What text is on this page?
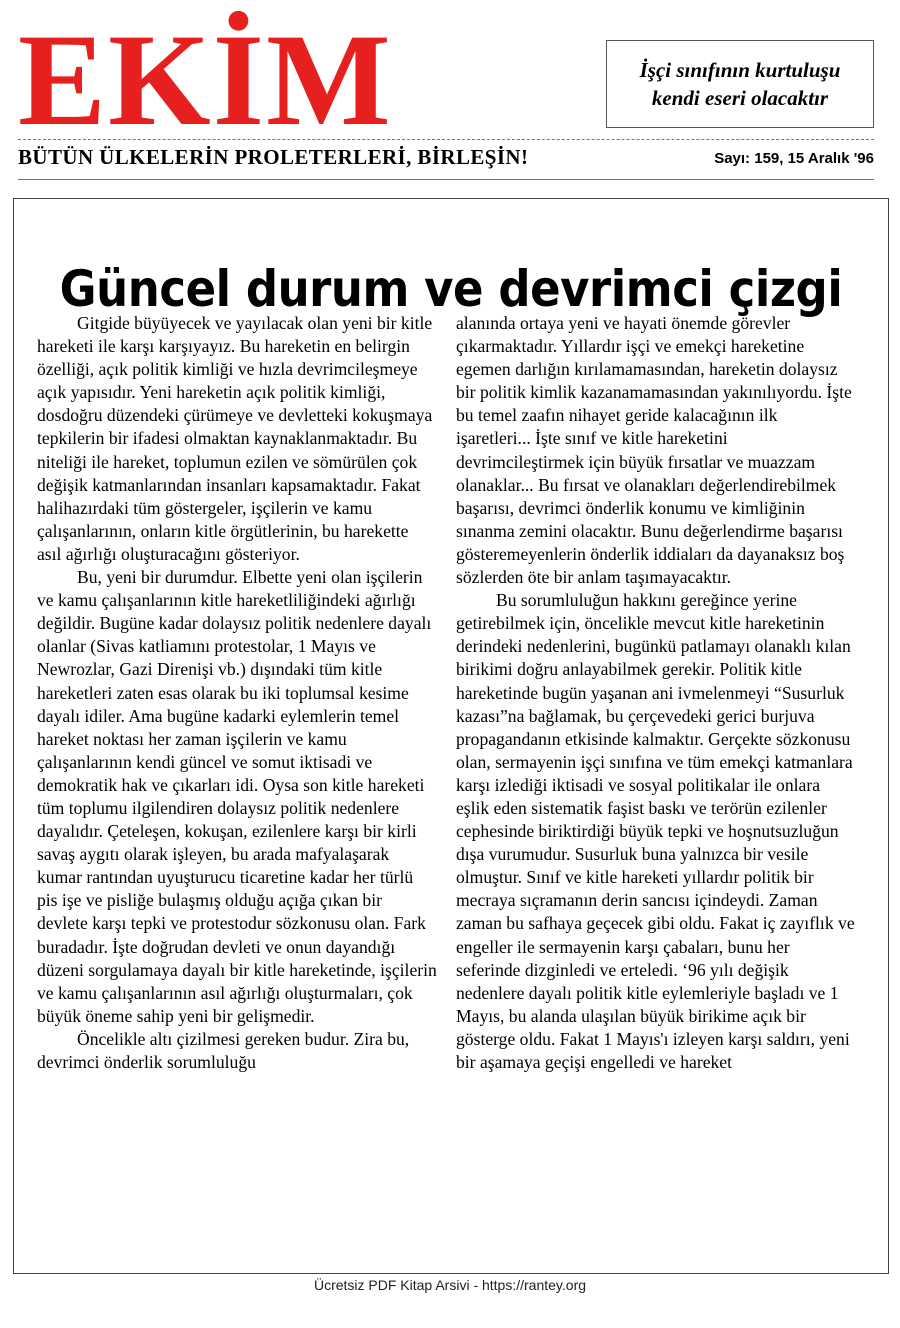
EKİM	İşçi sınıfının kurtuluşu
kendi eseri olacaktır
BÜTÜN ÜLKELERİN PROLETERLERİ, BİRLEŞİN!	Sayı: 159, 15 Aralık '96
Güncel durum ve devrimci çizgi

Gitgide büyüyecek ve yayılacak olan yeni bir kitle hareketi ile karşı karşıyayız. Bu hareketin en belirgin özelliği, açık politik kimliği ve hızla devrimcileşmeye açık yapısıdır. Yeni hareketin açık politik kimliği, dosdoğru düzendeki çürümeye ve devletteki kokuşmaya tepkilerin bir ifadesi olmaktan kaynaklanmaktadır. Bu niteliği ile hareket, toplumun ezilen ve sömürülen çok değişik katmanlarından insanları kapsamaktadır. Fakat halihazırdaki tüm göstergeler, işçilerin ve kamu çalışanlarının, onların kitle örgütlerinin, bu harekette asıl ağırlığı oluşturacağını gösteriyor.

Bu, yeni bir durumdur. Elbette yeni olan işçilerin ve kamu çalışanlarının kitle hareketliliğindeki ağırlığı değildir. Bugüne kadar dolaysız politik nedenlere dayalı olanlar (Sivas katliamını protestolar, 1 Mayıs ve Newrozlar, Gazi Direnişi vb.) dışındaki tüm kitle hareketleri zaten esas olarak bu iki toplumsal kesime dayalı idiler. Ama bugüne kadarki eylemlerin temel hareket noktası her zaman işçilerin ve kamu çalışanlarının kendi güncel ve somut iktisadi ve demokratik hak ve çıkarları idi. Oysa son kitle hareketi tüm toplumu ilgilendiren dolaysız politik nedenlere dayalıdır. Çeteleşen, kokuşan, ezilenlere karşı bir kirli savaş aygıtı olarak işleyen, bu arada mafyalaşarak kumar rantından uyuşturucu ticaretine kadar her türlü pis işe ve pisliğe bulaşmış olduğu açığa çıkan bir devlete karşı tepki ve protestodur sözkonusu olan. Fark buradadır. İşte doğrudan devleti ve onun dayandığı düzeni sorgulamaya dayalı bir kitle hareketinde, işçilerin ve kamu çalışanlarının asıl ağırlığı oluşturmaları, çok büyük öneme sahip yeni bir gelişmedir.

Öncelikle altı çizilmesi gereken budur. Zira bu, devrimci önderlik sorumluluğu

alanında ortaya yeni ve hayati önemde görevler çıkarmaktadır. Yıllardır işçi ve emekçi hareketine egemen darlığın kırılamamasından, hareketin dolaysız bir politik kimlik kazanamamasından yakınılıyordu. İşte bu temel zaafın nihayet geride kalacağının ilk işaretleri... İşte sınıf ve kitle hareketini devrimcileştirmek için büyük fırsatlar ve muazzam olanaklar... Bu fırsat ve olanakları değerlendirebilmek başarısı, devrimci önderlik konumu ve kimliğinin sınanma zemini olacaktır. Bunu değerlendirme başarısı gösteremeyenlerin önderlik iddiaları da dayanaksız boş sözlerden öte bir anlam taşımayacaktır.

Bu sorumluluğun hakkını gereğince yerine getirebilmek için, öncelikle mevcut kitle hareketinin derindeki nedenlerini, bugünkü patlamayı olanaklı kılan birikimi doğru anlayabilmek gerekir. Politik kitle hareketinde bugün yaşanan ani ivmelenmeyi “Susurluk kazası”na bağlamak, bu çerçevedeki gerici burjuva propagandanın etkisinde kalmaktır. Gerçekte sözkonusu olan, sermayenin işçi sınıfına ve tüm emekçi katmanlara karşı izlediği iktisadi ve sosyal politikalar ile onlara eşlik eden sistematik faşist baskı ve terörün ezilenler cephesinde biriktirdiği büyük tepki ve hoşnutsuzluğun dışa vurumudur. Susurluk buna yalnızca bir vesile olmuştur. Sınıf ve kitle hareketi yıllardır politik bir mecraya sıçramanın derin sancısı içindeydi. Zaman zaman bu safhaya geçecek gibi oldu. Fakat iç zayıflık ve engeller ile sermayenin karşı çabaları, bunu her seferinde dizginledi ve erteledi. ‘96 yılı değişik nedenlere dayalı politik kitle eylemleriyle başladı ve 1 Mayıs, bu alanda ulaşılan büyük birikime açık bir gösterge oldu. Fakat 1 Mayıs'ı izleyen karşı saldırı, yeni bir aşamaya geçişi engelledi ve hareket

Ücretsiz PDF Kitap Arsivi - https://rantey.org
